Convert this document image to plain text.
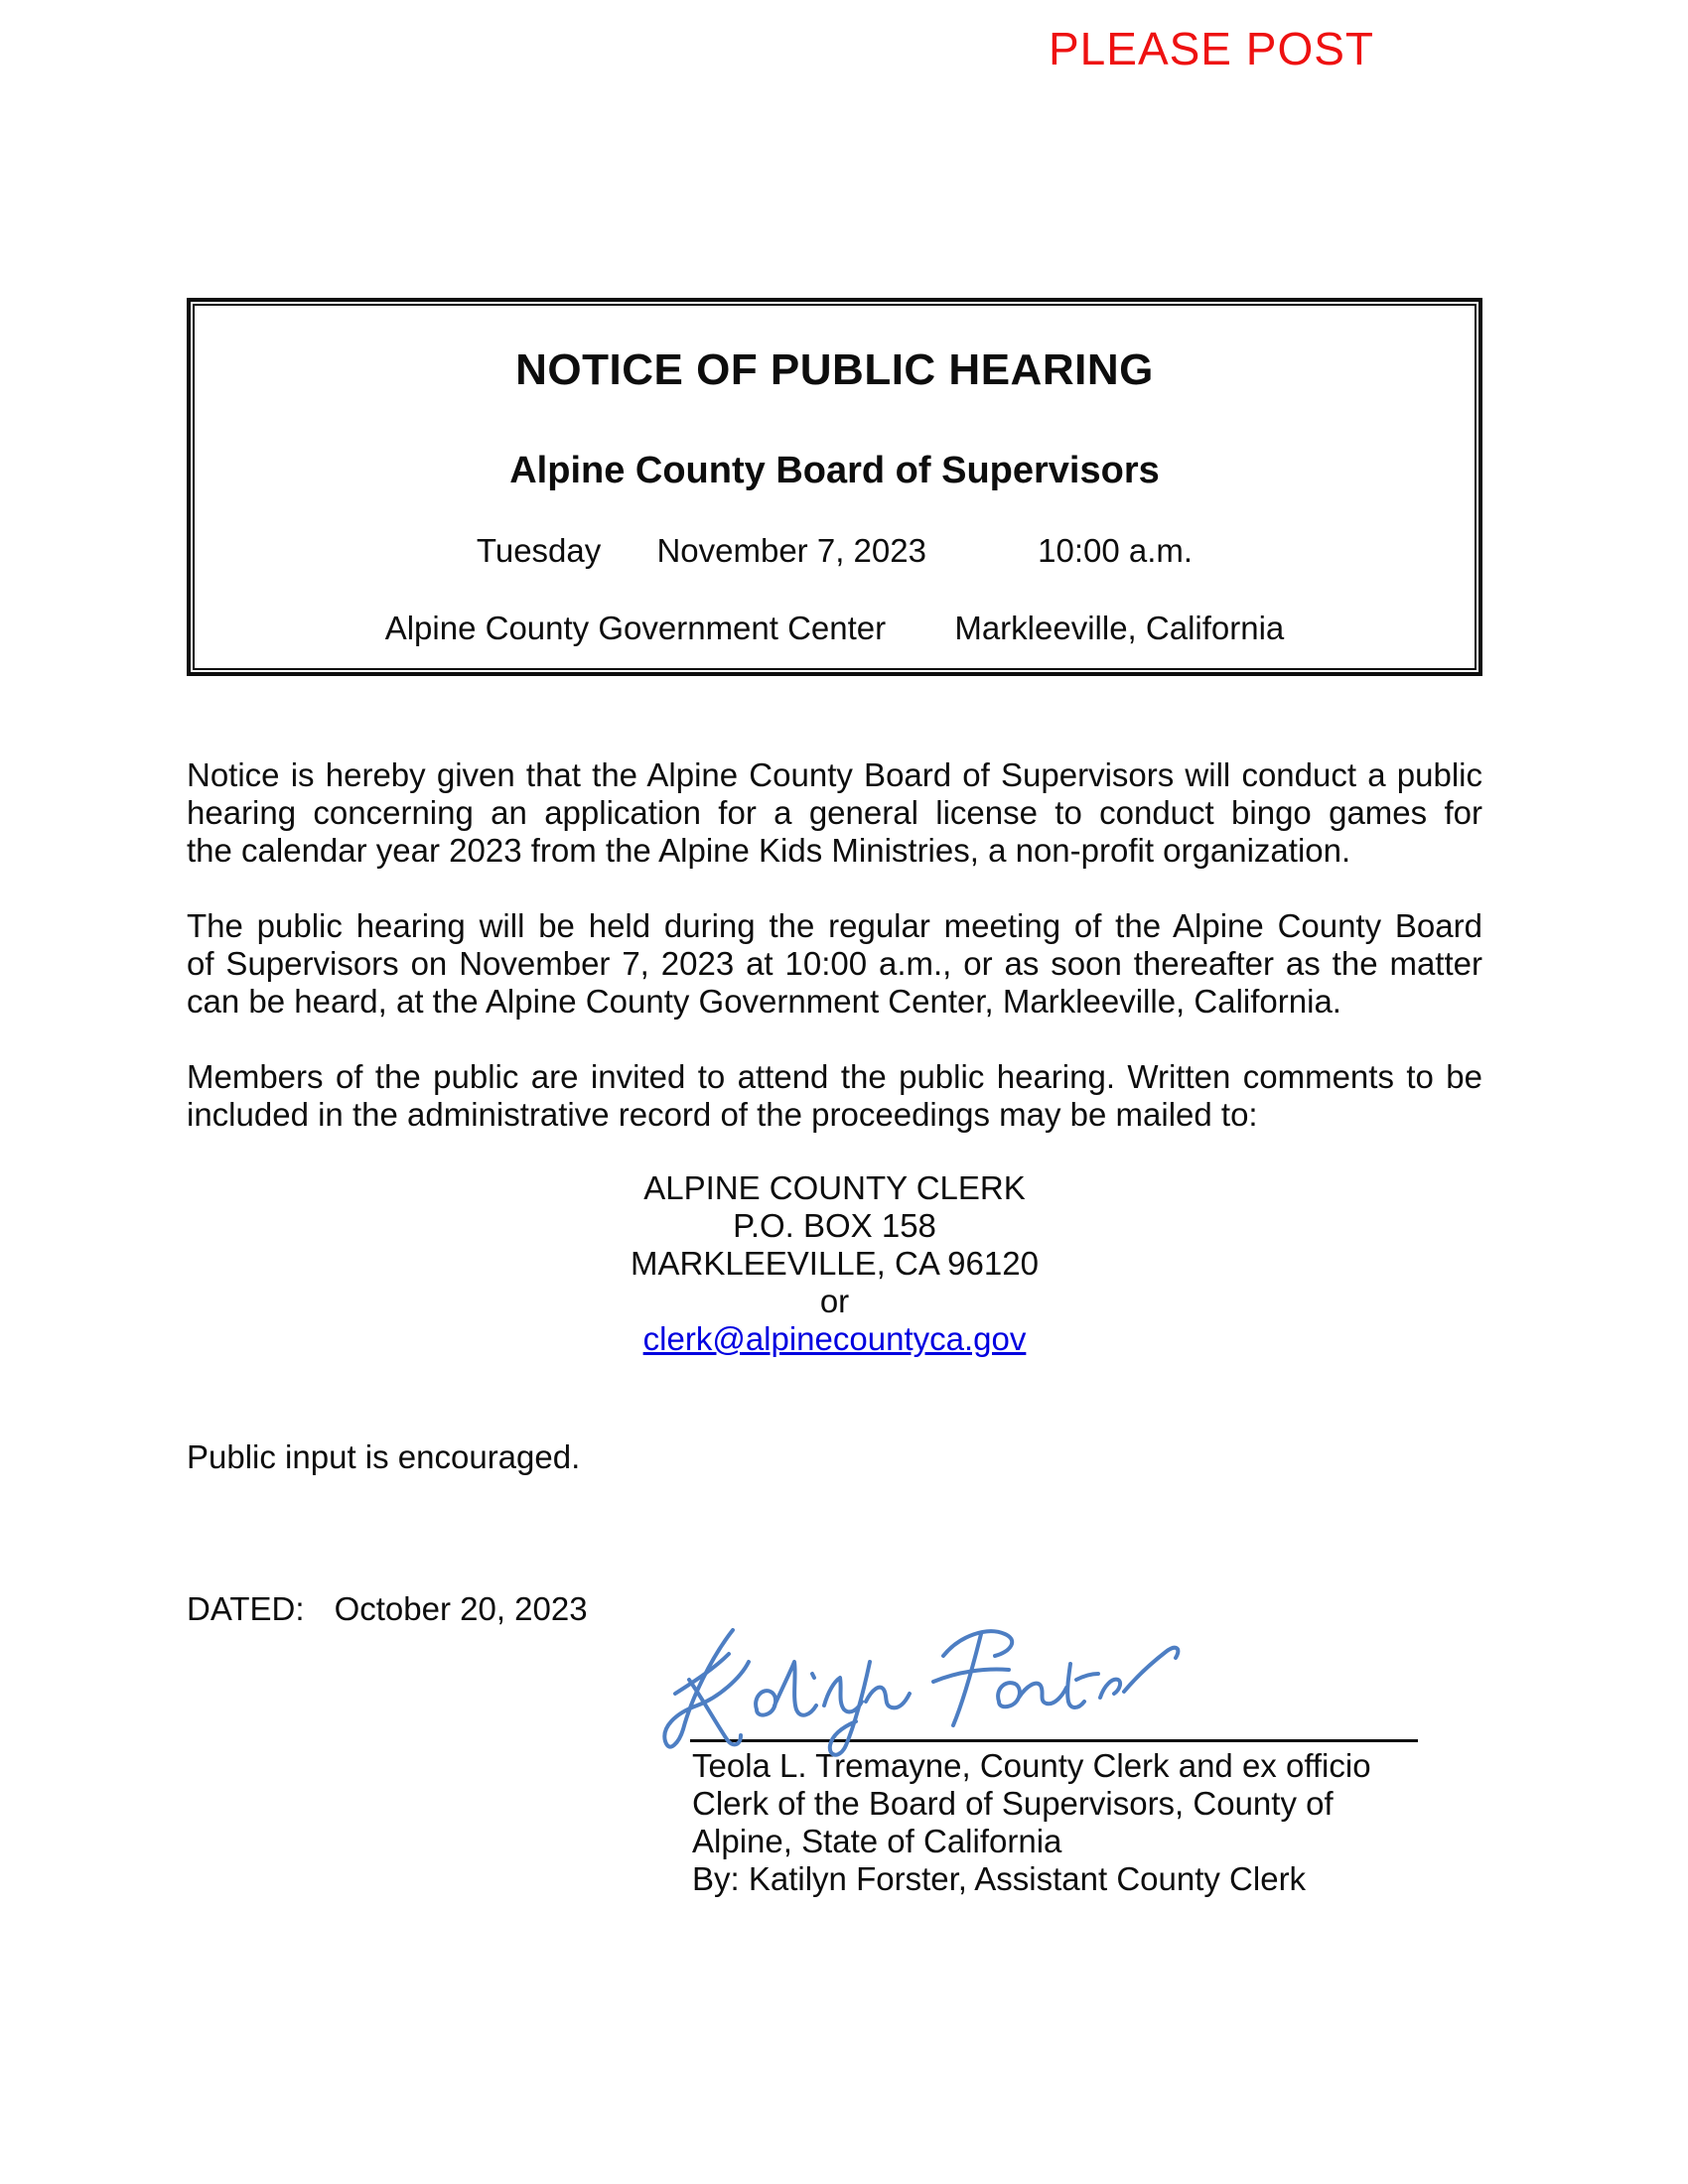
PLEASE POST
NOTICE OF PUBLIC HEARING
Alpine County Board of Supervisors
Tuesday November 7, 2023	10:00 a.m.
Alpine County Government Center Markleeville, California
Notice is hereby given that the Alpine County Board of Supervisors will conduct a public
hearing concerning an application for a general license to conduct bingo games for
the calendar year 2023 from the Alpine Kids Ministries, a non-profit organization.
The public hearing will be held during the regular meeting of the Alpine County Board
of Supervisors on November 7, 2023 at 10:00 a.m., or as soon thereafter as the matter
can be heard, at the Alpine County Government Center, Markleeville, California.
Members of the public are invited to attend the public hearing. Written comments to be
included in the administrative record of the proceedings may be mailed to:
ALPINE COUNTY CLERK
P.O. BOX 158
MARKLEEVILLE, CA 96120
or
clerk@alpinecountyca.gov
Public input is encouraged.
DATED: October 20, 2023
Teola L. Tremayne, County Clerk and ex officio
Clerk of the Board of Supervisors, County of
Alpine, State of California
By: Katilyn Forster, Assistant County Clerk
